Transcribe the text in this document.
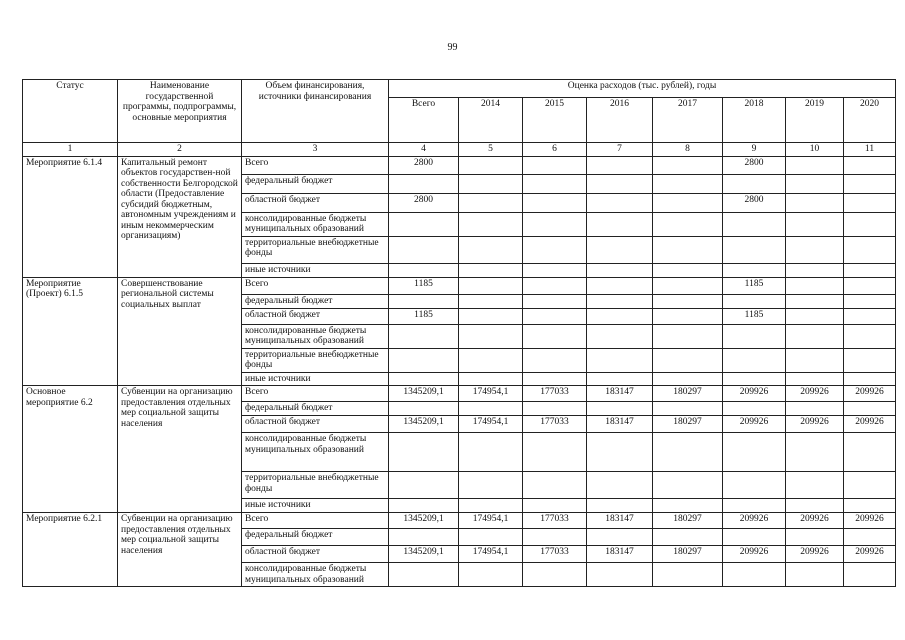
99
Статус	Наименование государственной программы, подпрограммы, основные мероприятия	Объем финансирования, источники финансирования	Оценка расходов (тыс. рублей), годы							
			Всего	2014	2015	2016	2017	2018	2019	2020
1	2	3	4	5	6	7	8	9	10	11
Мероприятие 6.1.4	Капитальный ремонт объектов государствен-ной собственности Белгородской области (Предоставление субсидий бюджетным, автономным учреждениям и иным некоммерческим организациям)	Всего	2800					2800		
		федеральный бюджет								
		областной бюджет	2800					2800		
		консолидированные бюджеты муниципальных образований								
		территориальные внебюджетные фонды								
		иные источники								
Мероприятие (Проект) 6.1.5	Совершенствование региональной системы социальных выплат	Всего	1185					1185		
		федеральный бюджет								
		областной бюджет	1185					1185		
		консолидированные бюджеты муниципальных образований								
		территориальные внебюджетные фонды								
		иные источники								
Основное мероприятие 6.2	Субвенции на организацию предоставления отдельных мер социальной защиты населения	Всего	1345209,1	174954,1	177033	183147	180297	209926	209926	209926
		федеральный бюджет								
		областной бюджет	1345209,1	174954,1	177033	183147	180297	209926	209926	209926
		консолидированные бюджеты муниципальных образований								
		территориальные внебюджетные фонды								
		иные источники								
Мероприятие 6.2.1	Субвенции на организацию предоставления отдельных мер социальной защиты населения	Всего	1345209,1	174954,1	177033	183147	180297	209926	209926	209926
		федеральный бюджет								
		областной бюджет	1345209,1	174954,1	177033	183147	180297	209926	209926	209926
		консолидированные бюджеты муниципальных образований								
